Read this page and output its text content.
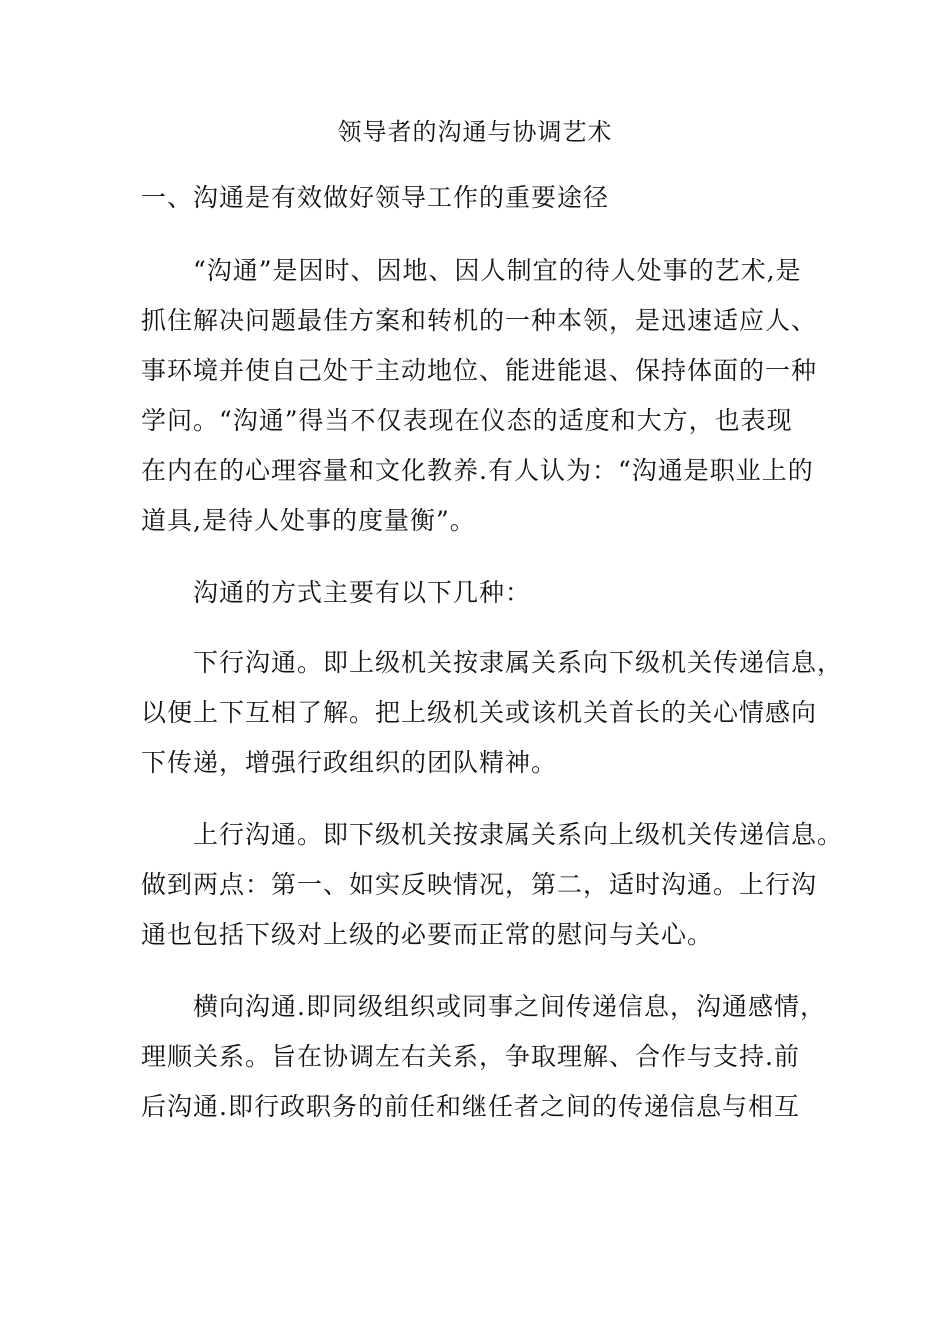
领导者的沟通与协调艺术
一、沟通是有效做好领导工作的重要途径
“沟通”是因时、因地、因人制宜的待人处事的艺术,是
抓住解决问题最佳方案和转机的一种本领，是迅速适应人、
事环境并使自己处于主动地位、能进能退、保持体面的一种
学问。“沟通”得当不仅表现在仪态的适度和大方，也表现
在内在的心理容量和文化教养.有人认为：“沟通是职业上的
道具,是待人处事的度量衡”。
沟通的方式主要有以下几种：
下行沟通。即上级机关按隶属关系向下级机关传递信息，
以便上下互相了解。把上级机关或该机关首长的关心情感向
下传递，增强行政组织的团队精神。
上行沟通。即下级机关按隶属关系向上级机关传递信息。
做到两点：第一、如实反映情况，第二，适时沟通。上行沟
通也包括下级对上级的必要而正常的慰问与关心。
横向沟通.即同级组织或同事之间传递信息，沟通感情，
理顺关系。旨在协调左右关系，争取理解、合作与支持.前
后沟通.即行政职务的前任和继任者之间的传递信息与相互
